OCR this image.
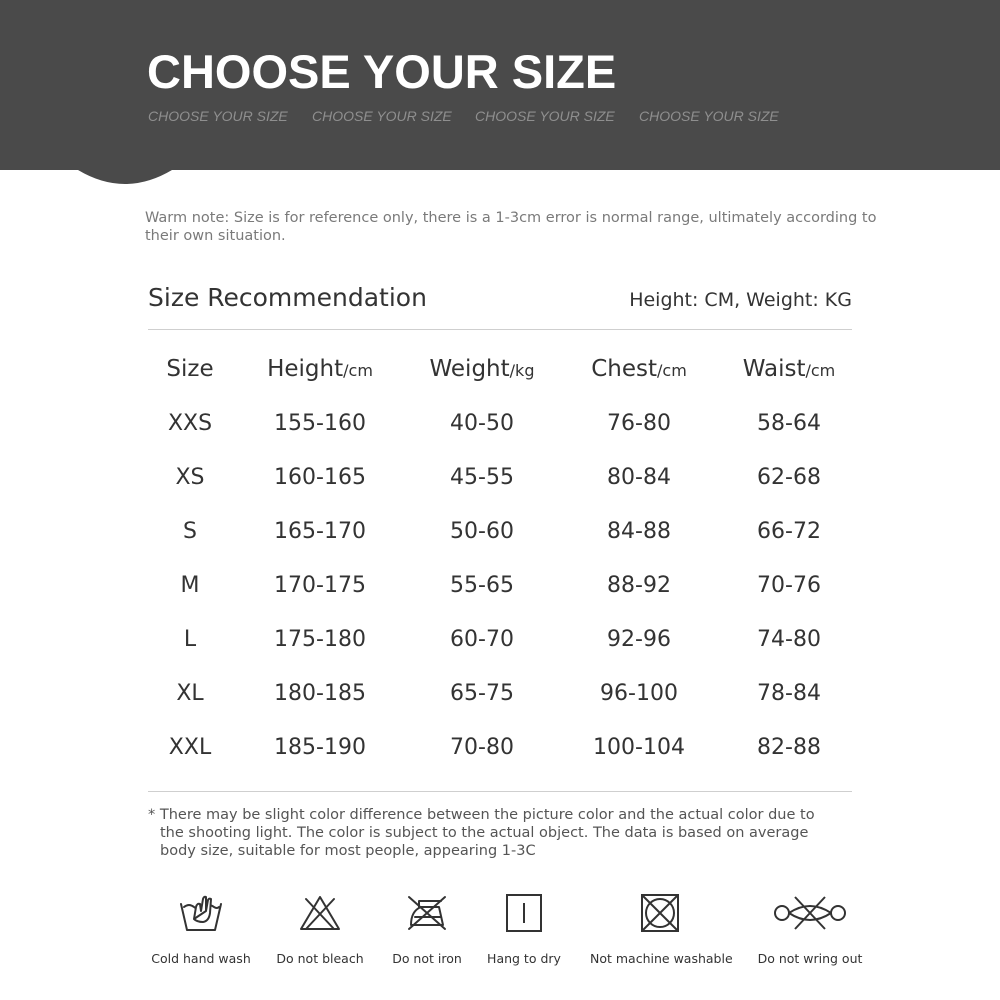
CHOOSE YOUR SIZE
CHOOSE YOUR SIZE CHOOSE YOUR SIZE CHOOSE YOUR SIZE CHOOSE YOUR SIZE
Warm note: Size is for reference only, there is a 1-3cm error is normal range, ultimately according to their own situation.
Size Recommendation	Height: CM, Weight: KG
Size	Height/cm	Weight/kg	Chest/cm	Waist/cm
XXS	155-160	40-50	76-80	58-64
XS	160-165	45-55	80-84	62-68
S	165-170	50-60	84-88	66-72
M	170-175	55-65	88-92	70-76
L	175-180	60-70	92-96	74-80
XL	180-185	65-75	96-100	78-84
XXL	185-190	70-80	100-104	82-88
* There may be slight color difference between the picture color and the actual color due to
the shooting light. The color is subject to the actual object. The data is based on average
body size, suitable for most people, appearing 1-3C
Cold hand wash	Do not bleach	Do not iron	Hang to dry	Not machine washable	Do not wring out
